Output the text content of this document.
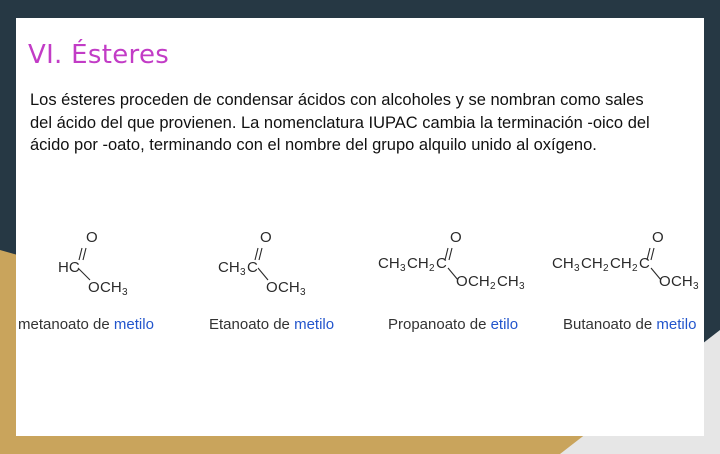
VI. Ésteres
Los ésteres proceden de condensar ácidos con alcoholes y se nombran como sales del ácido del que provienen. La nomenclatura IUPAC cambia la terminación -oico del ácido por -oato, terminando con el nombre del grupo alquilo unido al oxígeno.
O
HC
O CH 3
O
CH 3 C
O CH 3
O
CH 3 CH 2 C
O CH 2 CH 3
O
CH 3 CH 2 CH 2 C
O CH 3
metanoato de metilo	Etanoato de metilo	Propanoato de etilo	Butanoato de metilo
